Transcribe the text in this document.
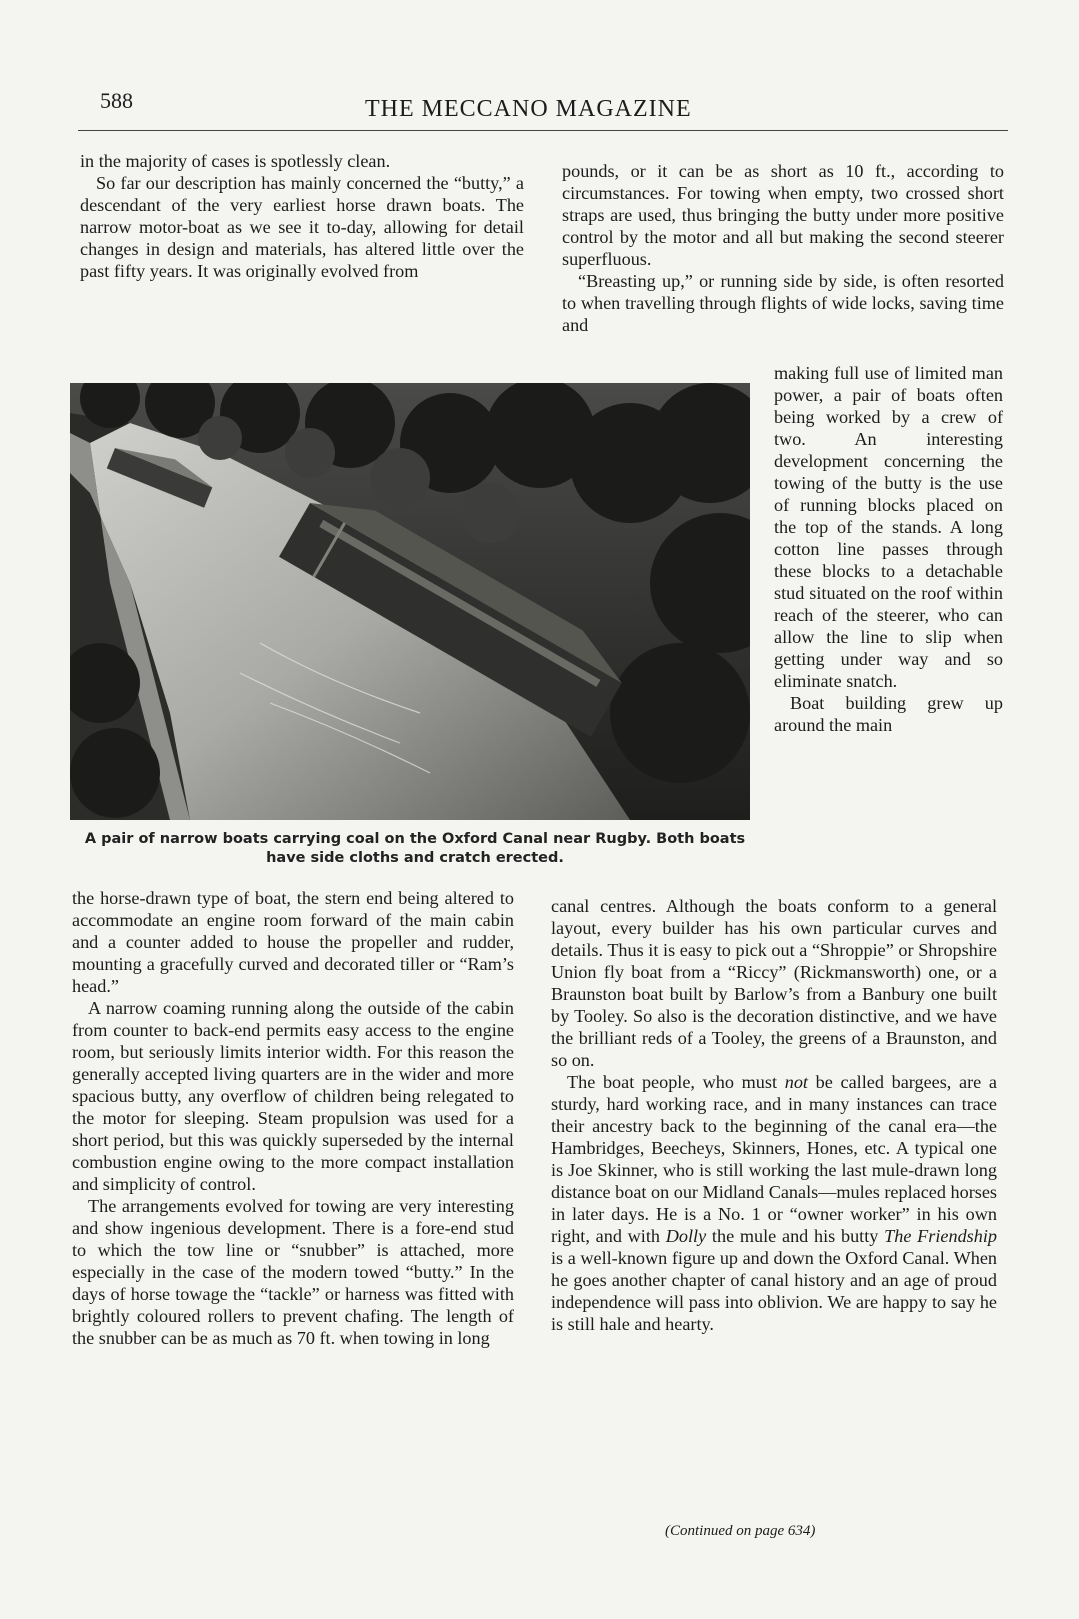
588	THE MECCANO MAGAZINE

in the majority of cases is spotlessly clean.

So far our description has mainly concerned the “butty,” a descendant of the very earliest horse drawn boats. The narrow motor-boat as we see it to-day, allowing for detail changes in design and materials, has altered little over the past fifty years. It was originally evolved from

pounds, or it can be as short as 10 ft., according to circumstances. For towing when empty, two crossed short straps are used, thus bringing the butty under more positive control by the motor and all but making the second steerer superfluous.

“Breasting up,” or running side by side, is often resorted to when travelling through flights of wide locks, saving time and

A pair of narrow boats carrying coal on the Oxford Canal near Rugby. Both boats
have side cloths and cratch erected.

making full use of limited man power, a pair of boats often being worked by a crew of two. An interesting development concerning the towing of the butty is the use of running blocks placed on the top of the stands. A long cotton line passes through these blocks to a detachable stud situated on the roof within reach of the steerer, who can allow the line to slip when getting under way and so eliminate snatch.

Boat building grew up around the main

the horse-drawn type of boat, the stern end being altered to accommodate an engine room forward of the main cabin and a counter added to house the propeller and rudder, mounting a gracefully curved and decorated tiller or “Ram’s head.”

A narrow coaming running along the outside of the cabin from counter to back-end permits easy access to the engine room, but seriously limits interior width. For this reason the generally accepted living quarters are in the wider and more spacious butty, any overflow of children being relegated to the motor for sleeping. Steam propulsion was used for a short period, but this was quickly superseded by the internal combustion engine owing to the more compact installation and simplicity of control.

The arrangements evolved for towing are very interesting and show ingenious development. There is a fore-end stud to which the tow line or “snubber” is attached, more especially in the case of the modern towed “butty.” In the days of horse towage the “tackle” or harness was fitted with brightly coloured rollers to prevent chafing. The length of the snubber can be as much as 70 ft. when towing in long

canal centres. Although the boats conform to a general layout, every builder has his own particular curves and details. Thus it is easy to pick out a “Shroppie” or Shropshire Union fly boat from a “Riccy” (Rickmansworth) one, or a Braunston boat built by Barlow’s from a Banbury one built by Tooley. So also is the decoration distinctive, and we have the brilliant reds of a Tooley, the greens of a Braunston, and so on.

The boat people, who must not be called bargees, are a sturdy, hard working race, and in many instances can trace their ancestry back to the beginning of the canal era—the Hambridges, Beecheys, Skinners, Hones, etc. A typical one is Joe Skinner, who is still working the last mule-drawn long distance boat on our Midland Canals—mules replaced horses in later days. He is a No. 1 or “owner worker” in his own right, and with Dolly the mule and his butty The Friendship is a well-known figure up and down the Oxford Canal. When he goes another chapter of canal history and an age of proud independence will pass into oblivion. We are happy to say he is still hale and hearty.

(Continued on page 634)
